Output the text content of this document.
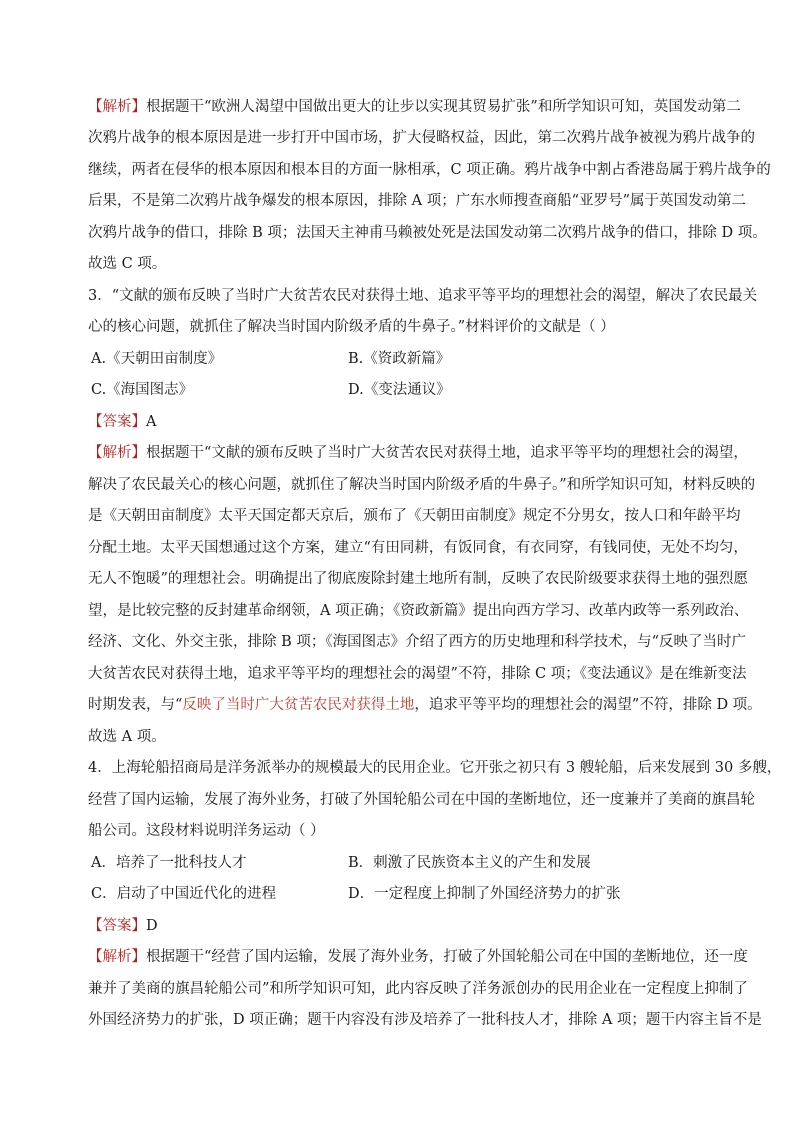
【解析】根据题干“欧洲人渴望中国做出更大的让步以实现其贸易扩张”和所学知识可知，英国发动第二
次鸦片战争的根本原因是进一步打开中国市场，扩大侵略权益，因此，第二次鸦片战争被视为鸦片战争的
继续，两者在侵华的根本原因和根本目的方面一脉相承，C 项正确。鸦片战争中割占香港岛属于鸦片战争的
后果，不是第二次鸦片战争爆发的根本原因，排除 A 项；广东水师搜查商船“亚罗号”属于英国发动第二
次鸦片战争的借口，排除 B 项；法国天主神甫马赖被处死是法国发动第二次鸦片战争的借口，排除 D 项。
故选 C 项。
3．“文献的颁布反映了当时广大贫苦农民对获得土地、追求平等平均的理想社会的渴望，解决了农民最关
心的核心问题，就抓住了解决当时国内阶级矛盾的牛鼻子。”材料评价的文献是（ ）
A.《天朝田亩制度》	B.《资政新篇》
C.《海国图志》	D.《变法通议》
【答案】A
【解析】根据题干“文献的颁布反映了当时广大贫苦农民对获得土地，追求平等平均的理想社会的渴望，
解决了农民最关心的核心问题，就抓住了解决当时国内阶级矛盾的牛鼻子。”和所学知识可知，材料反映的
是《天朝田亩制度》太平天国定都天京后，颁布了《天朝田亩制度》规定不分男女，按人口和年龄平均
分配土地。太平天国想通过这个方案，建立“有田同耕，有饭同食，有衣同穿，有钱同使，无处不均匀，
无人不饱暖”的理想社会。明确提出了彻底废除封建土地所有制，反映了农民阶级要求获得土地的强烈愿
望，是比较完整的反封建革命纲领，A 项正确；《资政新篇》提出向西方学习、改革内政等一系列政治、
经济、文化、外交主张，排除 B 项；《海国图志》介绍了西方的历史地理和科学技术，与“反映了当时广
大贫苦农民对获得土地，追求平等平均的理想社会的渴望”不符，排除 C 项；《变法通议》是在维新变法
时期发表，与“反映了当时广大贫苦农民对获得土地，追求平等平均的理想社会的渴望”不符，排除 D 项。
故选 A 项。
4．上海轮船招商局是洋务派举办的规模最大的民用企业。它开张之初只有 3 艘轮船，后来发展到 30 多艘，
经营了国内运输，发展了海外业务，打破了外国轮船公司在中国的垄断地位，还一度兼并了美商的旗昌轮
船公司。这段材料说明洋务运动（ ）
A．培养了一批科技人才	B．刺激了民族资本主义的产生和发展
C．启动了中国近代化的进程	D．一定程度上抑制了外国经济势力的扩张
【答案】D
【解析】根据题干“经营了国内运输，发展了海外业务，打破了外国轮船公司在中国的垄断地位，还一度
兼并了美商的旗昌轮船公司”和所学知识可知，此内容反映了洋务派创办的民用企业在一定程度上抑制了
外国经济势力的扩张，D 项正确；题干内容没有涉及培养了一批科技人才，排除 A 项；题干内容主旨不是
